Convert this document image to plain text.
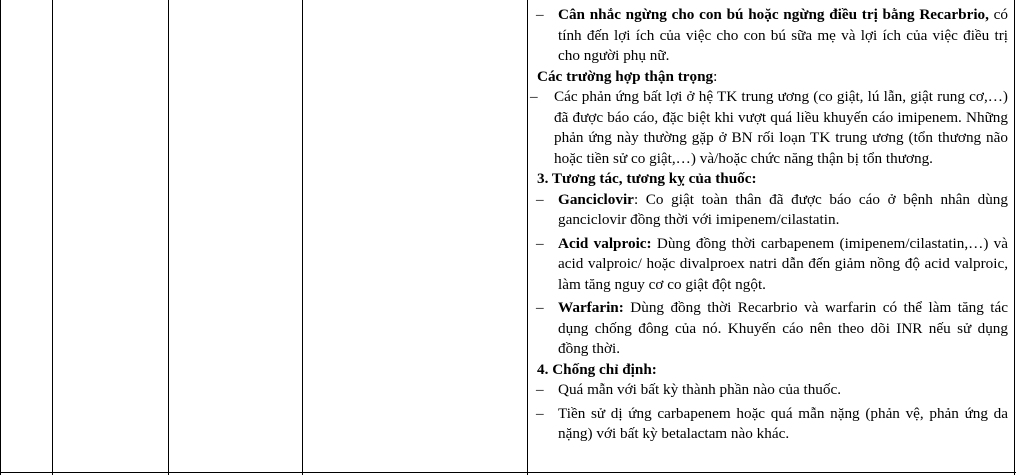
– Cân nhắc ngừng cho con bú hoặc ngừng điều trị bằng Recarbrio, có tính đến lợi ích của việc cho con bú sữa mẹ và lợi ích của việc điều trị cho người phụ nữ.
Các trường hợp thận trọng:
– Các phản ứng bất lợi ở hệ TK trung ương (co giật, lú lẫn, giật rung cơ,…) đã được báo cáo, đặc biệt khi vượt quá liều khuyến cáo imipenem. Những phản ứng này thường gặp ở BN rối loạn TK trung ương (tổn thương não hoặc tiền sử co giật,…) và/hoặc chức năng thận bị tổn thương.
3. Tương tác, tương kỵ của thuốc:
– Ganciclovir: Co giật toàn thân đã được báo cáo ở bệnh nhân dùng ganciclovir đồng thời với imipenem/cilastatin.
– Acid valproic: Dùng đồng thời carbapenem (imipenem/cilastatin,…) và acid valproic/ hoặc divalproex natri dẫn đến giảm nồng độ acid valproic, làm tăng nguy cơ co giật đột ngột.
– Warfarin: Dùng đồng thời Recarbrio và warfarin có thể làm tăng tác dụng chống đông của nó. Khuyến cáo nên theo dõi INR nếu sử dụng đồng thời.
4. Chống chỉ định:
– Quá mẫn với bất kỳ thành phần nào của thuốc.
– Tiền sử dị ứng carbapenem hoặc quá mẫn nặng (phản vệ, phản ứng da nặng) với bất kỳ betalactam nào khác.
